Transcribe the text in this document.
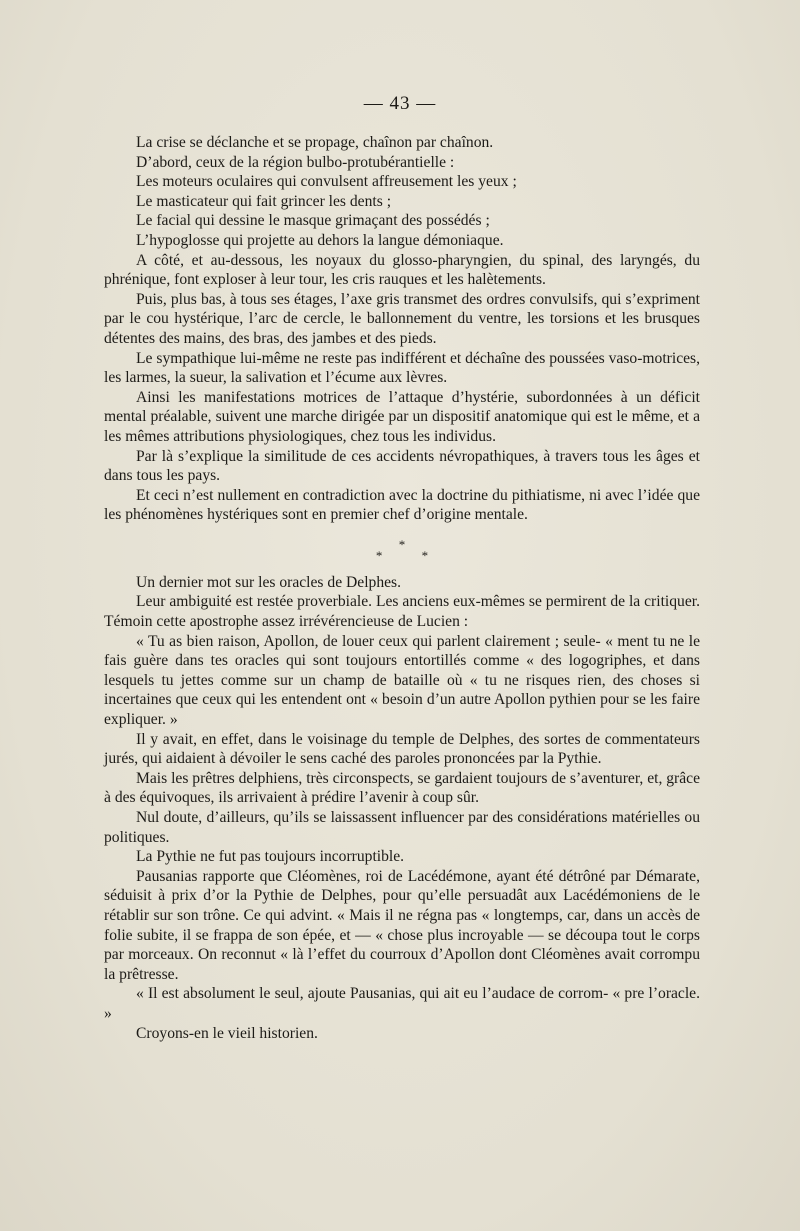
— 43 —

La crise se déclanche et se propage, chaînon par chaînon.

D’abord, ceux de la région bulbo-protubérantielle :

Les moteurs oculaires qui convulsent affreusement les yeux ;

Le masticateur qui fait grincer les dents ;

Le facial qui dessine le masque grimaçant des possédés ;

L’hypoglosse qui projette au dehors la langue démoniaque.

A côté, et au-dessous, les noyaux du glosso-pharyngien, du spinal, des laryngés, du phrénique, font exploser à leur tour, les cris rauques et les halètements.

Puis, plus bas, à tous ses étages, l’axe gris transmet des ordres convulsifs, qui s’expriment par le cou hystérique, l’arc de cercle, le ballonnement du ventre, les torsions et les brusques détentes des mains, des bras, des jambes et des pieds.

Le sympathique lui-même ne reste pas indifférent et déchaîne des poussées vaso-motrices, les larmes, la sueur, la salivation et l’écume aux lèvres.

Ainsi les manifestations motrices de l’attaque d’hystérie, subordonnées à un déficit mental préalable, suivent une marche dirigée par un dispositif anatomique qui est le même, et a les mêmes attributions physiologiques, chez tous les individus.

Par là s’explique la similitude de ces accidents névropathiques, à travers tous les âges et dans tous les pays.

Et ceci n’est nullement en contradiction avec la doctrine du pithiatisme, ni avec l’idée que les phénomènes hystériques sont en premier chef d’origine mentale.

*
* *

Un dernier mot sur les oracles de Delphes.

Leur ambiguité est restée proverbiale. Les anciens eux-mêmes se permirent de la critiquer. Témoin cette apostrophe assez irrévérencieuse de Lucien :

« Tu as bien raison, Apollon, de louer ceux qui parlent clairement ; seule- « ment tu ne le fais guère dans tes oracles qui sont toujours entortillés comme « des logogriphes, et dans lesquels tu jettes comme sur un champ de bataille où « tu ne risques rien, des choses si incertaines que ceux qui les entendent ont « besoin d’un autre Apollon pythien pour se les faire expliquer. »

Il y avait, en effet, dans le voisinage du temple de Delphes, des sortes de commentateurs jurés, qui aidaient à dévoiler le sens caché des paroles prononcées par la Pythie.

Mais les prêtres delphiens, très circonspects, se gardaient toujours de s’aventurer, et, grâce à des équivoques, ils arrivaient à prédire l’avenir à coup sûr.

Nul doute, d’ailleurs, qu’ils se laissassent influencer par des considérations matérielles ou politiques.

La Pythie ne fut pas toujours incorruptible.

Pausanias rapporte que Cléomènes, roi de Lacédémone, ayant été détrôné par Démarate, séduisit à prix d’or la Pythie de Delphes, pour qu’elle persuadât aux Lacédémoniens de le rétablir sur son trône. Ce qui advint. « Mais il ne régna pas « longtemps, car, dans un accès de folie subite, il se frappa de son épée, et — « chose plus incroyable — se découpa tout le corps par morceaux. On reconnut « là l’effet du courroux d’Apollon dont Cléomènes avait corrompu la prêtresse.

« Il est absolument le seul, ajoute Pausanias, qui ait eu l’audace de corrom- « pre l’oracle. »

Croyons-en le vieil historien.
